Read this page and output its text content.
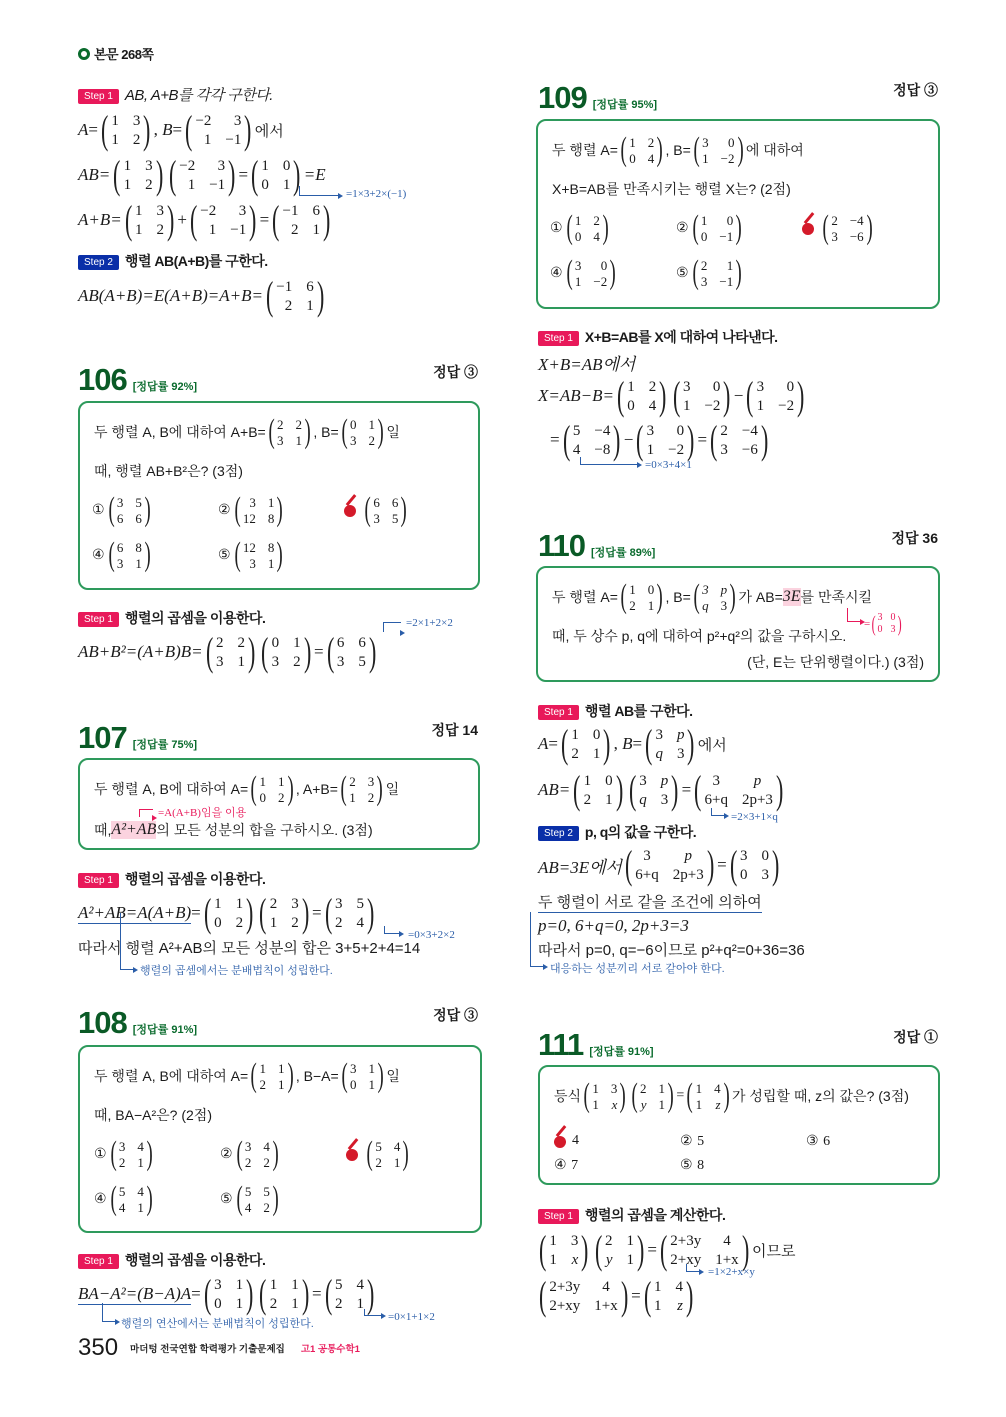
본문 268쪽
Step 1 AB, A+B를 각각 구한다.
A = ( 1 3
1 2 ) , B = ( −2	3
1 −1 ) 에서
AB= ( 1 3
1 2 ) ( −2	3
1 −1 ) = ( 1 0
0 1 ) =E
=1×3+2×(−1)
A+B= ( 1 3
1 2 ) + ( −2	3
1 −1 ) = ( −1 6
2 1 )
Step 2 행렬 AB(A+B)를 구한다.
AB(A+B)=E(A+B)=A+B= ( −1 6
2 1 )
106 [정답률 92%]
정답 ③
두 행렬 A, B에 대하여 A+B= ( 2 2
3 1 ) , B= ( 0 1
3 2 ) 일
때, 행렬 AB+B²은? (3점)
① ( 3 5
6 6 )	② ( 3 1
12 8 ) ( 6 6
3 5 )
④ ( 6 8
3 1 )	⑤ ( 12 8
3 1 )
Step 1 행렬의 곱셈을 이용한다.	=2×1+2×2
AB+B²=(A+B)B= ( 2 2
3 1 ) ( 0 1
3 2 ) = ( 6 6
3 5 )
107 [정답률 75%]
정답 14
두 행렬 A, B에 대하여 A= ( 1 1
0 2 ) , A+B= ( 2 3
1 2 ) 일
=A(A+B)임을 이용
때, A²+AB 의 모든 성분의 합을 구하시오. (3점)
Step 1 행렬의 곱셈을 이용한다.
A²+AB=A(A+B) = ( 1 1
0 2 ) ( 2 3
1 2 ) = ( 3 5
2 4 )	=0×3+2×2
따라서 행렬 A²+AB의 모든 성분의 합은 3+5+2+4=14
행렬의 곱셈에서는 분배법칙이 성립한다.
108 [정답률 91%]
정답 ③
두 행렬 A, B에 대하여 A= ( 1 1
2 1 ) , B−A= ( 3 1
0 1 ) 일
때, BA−A²은? (2점)
① ( 3 4
2 1 )	② ( 3 4
2 2 )	( 5 4
2 1 )
④ ( 5 4
4 1 )	⑤ ( 5 5
4 2 )
Step 1 행렬의 곱셈을 이용한다.
BA−A²=(B−A)A = ( 3 1
0 1 ) ( 1 1
2 1 ) = ( 5 4
2 1 )
=0×1+1×2
행렬의 연산에서는 분배법칙이 성립한다.
109 [정답률 95%]
정답 ③
두 행렬 A= ( 1 2
0 4 ) , B= ( 3	0
1 −2 ) 에 대하여
X+B=AB를 만족시키는 행렬 X는? (2점)
① ( 1 2
0 4 )	② ( 1	0
0 −1 ) ( 2 −4
3 −6 )
④ ( 3	0
1 −2 )	⑤ ( 2	1
3 −1 )
Step 1 X+B=AB를 X에 대하여 나타낸다.
X+B=AB에서
X=AB−B= ( 1 2
0 4 ) ( 3	0
1 −2 ) − ( 3	0
1 −2 )
= ( 5 −4
4 −8 ) − ( 3	0
1 −2 ) = ( 2 −4
3 −6 )
=0×3+4×1
110 [정답률 89%]
정답 36
두 행렬 A= ( 1 0
2 1 ) , B= ( 3 p
q 3 ) 가 AB= 3E 를 만족시킬
= ( 3 0
0 3 )
때, 두 상수 p, q에 대하여 p²+q²의 값을 구하시오.
(단, E는 단위행렬이다.) (3점)
Step 1 행렬 AB를 구한다.
A = ( 1 0
2 1 ) , B = ( 3 p
q 3 ) 에서
AB= ( 1 0
2 1 ) ( 3 p
q 3 ) = ( 3	p
6+q 2p+3 )
=2×3+1×q
Step 2 p, q의 값을 구한다.
AB=3E에서 ( 3	p
6+q 2p+3 ) = ( 3 0
0 3 )
두 행렬이 서로 같을 조건에 의하여
p=0, 6+q=0, 2p+3=3
따라서 p=0, q=−6이므로 p²+q²=0+36=36
대응하는 성분끼리 서로 같아야 한다.
111 [정답률 91%]
정답 ①
등식 ( 1 3
1 x ) ( 2 1
y 1 ) = ( 1 4
1 z ) 가 성립할 때, z의 값은? (3점)
4	②
5	③
6
④
7	⑤
8
Step 1 행렬의 곱셈을 계산한다.
( 1 3
1 x ) ( 2 1
y 1 ) = ( 2+3y	4
2+xy 1+x ) 이므로
=1×2+x×y
( 2+3y	4
2+xy 1+x ) = ( 1 4
1 z )
350 마더텅 전국연합 학력평가 기출문제집 고1 공통수학1
